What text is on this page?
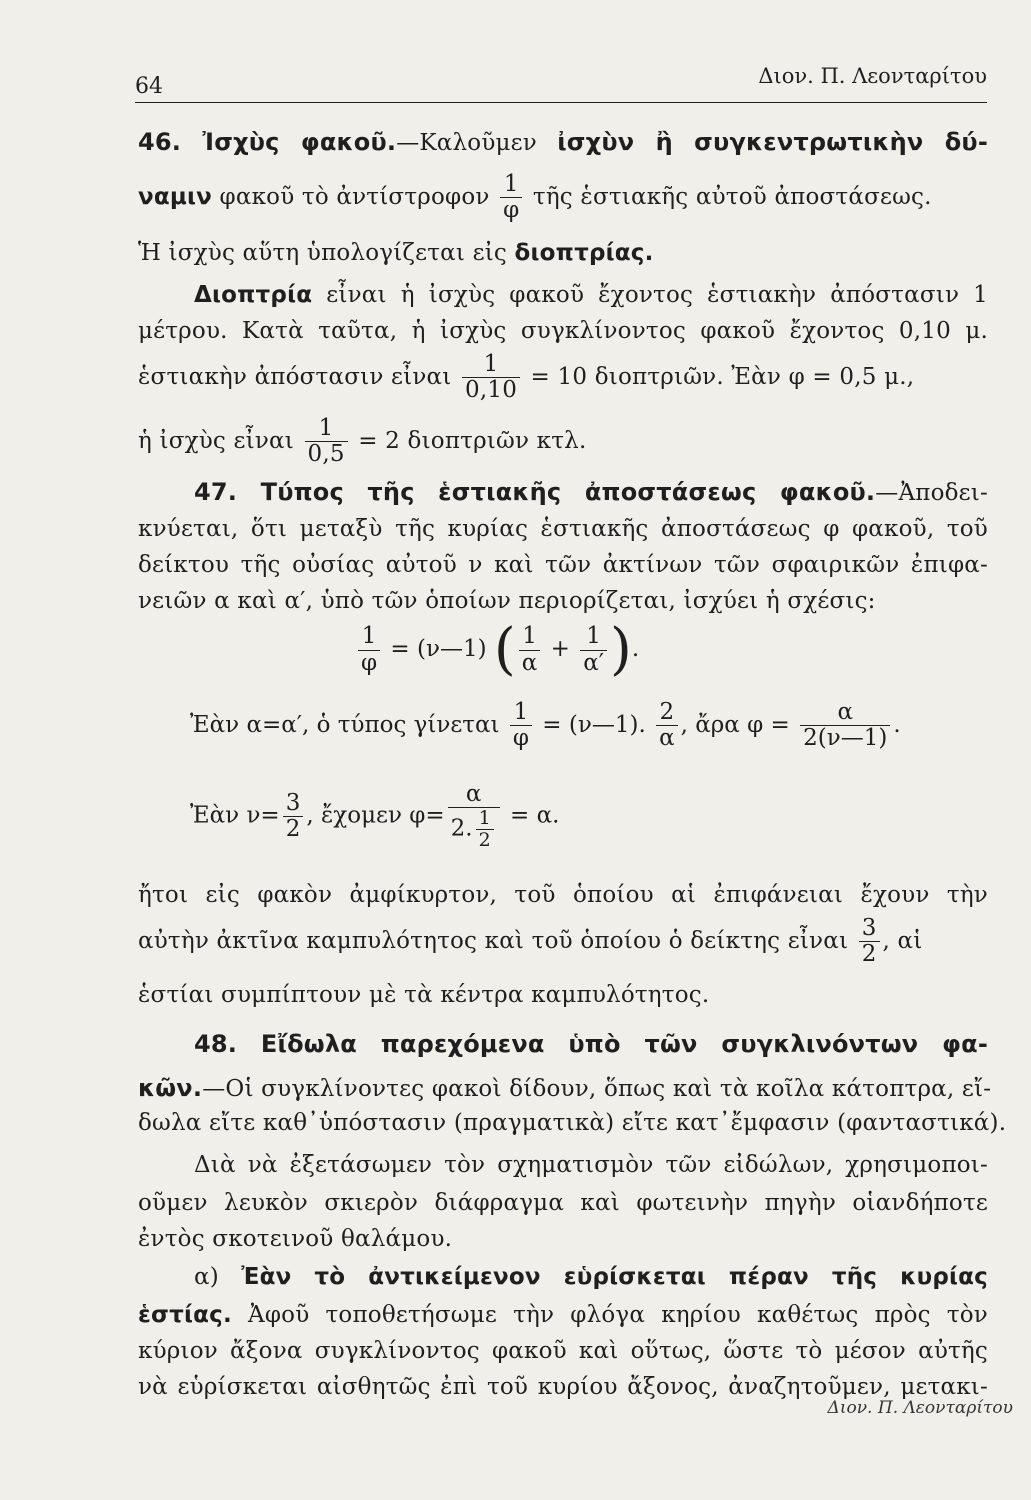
64	Διον. Π. Λεονταρίτου
46. Ἰσχὺς φακοῦ.—Καλοῦμεν ἰσχὺν ἢ συγκεντρωτικὴν δύ-
ναμιν φακοῦ τὸ ἀντίστροφον $\frac{1}{\varphi}$ τῆς ἑστιακῆς αὐτοῦ ἀποστάσεως.
Ἡ ἰσχὺς αὕτη ὑπολογίζεται εἰς διοπτρίας.
Διοπτρία εἶναι ἡ ἰσχὺς φακοῦ ἔχοντος ἑστιακὴν ἀπόστασιν 1
μέτρου. Κατὰ ταῦτα, ἡ ἰσχὺς συγκλίνοντος φακοῦ ἔχοντος 0,10 μ.
ἑστιακὴν ἀπόστασιν εἶναι $\frac{1}{0,10} = 10$ διοπτριῶν. Ἐὰν φ = 0,5 μ.,
ἡ ἰσχὺς εἶναι $\frac{1}{0,5} = 2$ διοπτριῶν κτλ.
47. Τύπος τῆς ἑστιακῆς ἀποστάσεως φακοῦ.—Ἀποδει-
κνύεται, ὅτι μεταξὺ τῆς κυρίας ἑστιακῆς ἀποστάσεως φ φακοῦ, τοῦ
δείκτου τῆς οὐσίας αὐτοῦ ν καὶ τῶν ἀκτίνων τῶν σφαιρικῶν ἐπιφα-
νειῶν α καὶ α′, ὑπὸ τῶν ὁποίων περιορίζεται, ἰσχύει ἡ σχέσις:
$\frac{1}{\varphi}$ = (ν—1) ( $\frac{1}{\alpha} + \frac{1}{\alpha'}$ ).
Ἐὰν α=α′, ὁ τύπος γίνεται $\frac{1}{\varphi}$ = (ν—1). $\frac{2}{\alpha}$ , ἄρα $\varphi = \frac{\alpha}{2(\nu—1)}$ .
Ἐὰν $\nu= \frac{3}{2}$ , ἔχομεν $\varphi= \frac{\alpha}{2. \frac{1}{2}} = \alpha$.
ἤτοι εἰς φακὸν ἀμφίκυρτον, τοῦ ὁποίου αἱ ἐπιφάνειαι ἔχουν τὴν
αὐτὴν ἀκτῖνα καμπυλότητος καὶ τοῦ ὁποίου ὁ δείκτης εἶναι $\frac{3}{2}$ , αἱ
ἑστίαι συμπίπτουν μὲ τὰ κέντρα καμπυλότητος.
48. Εἴδωλα παρεχόμενα ὑπὸ τῶν συγκλινόντων φα-
κῶν.—Οἱ συγκλίνοντες φακοὶ δίδουν, ὅπως καὶ τὰ κοῖλα κάτοπτρα, εἴ-
δωλα εἴτε καθ᾽ὑπόστασιν (πραγματικὰ) εἴτε κατ᾽ἔμφασιν (φανταστικά).
Διὰ νὰ ἐξετάσωμεν τὸν σχηματισμὸν τῶν εἰδώλων, χρησιμοποι-
οῦμεν λευκὸν σκιερὸν διάφραγμα καὶ φωτεινὴν πηγὴν οἱανδήποτε
ἐντὸς σκοτεινοῦ θαλάμου.
α) Ἐὰν τὸ ἀντικείμενον εὑρίσκεται πέραν τῆς κυρίας
ἑστίας. Ἀφοῦ τοποθετήσωμε τὴν φλόγα κηρίου καθέτως πρὸς τὸν
κύριον ἄξονα συγκλίνοντος φακοῦ καὶ οὕτως, ὥστε τὸ μέσον αὐτῆς
νὰ εὑρίσκεται αἰσθητῶς ἐπὶ τοῦ κυρίου ἄξονος, ἀναζητοῦμεν, μετακι-
Διον. Π. Λεονταρίτου
